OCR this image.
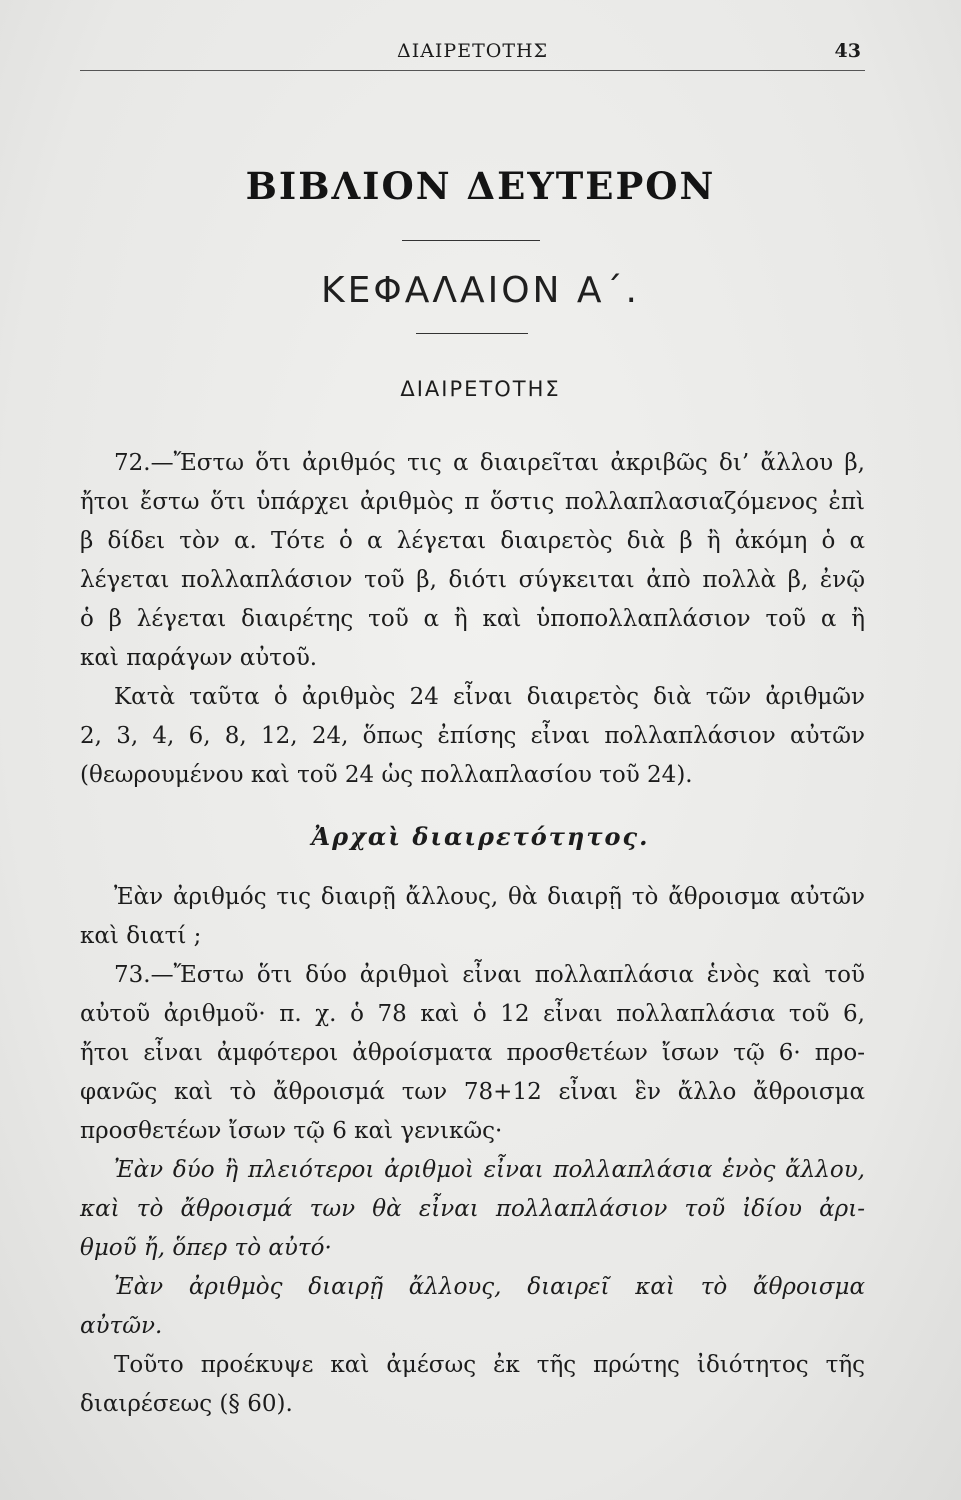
ΔΙΑΙΡΕΤΟΤΗΣ	43
ΒΙΒΛΙΟΝ ΔΕΥΤΕΡΟΝ
ΚΕΦΑΛΑΙΟΝ Α΄.
ΔΙΑΙΡΕΤΟΤΗΣ
72.—Ἔστω ὅτι ἀριθμός τις α διαιρεῖται ἀκριβῶς δι’ ἄλλου β,
ἤτοι ἔστω ὅτι ὑπάρχει ἀριθμὸς π ὅστις πολλαπλασιαζόμενος ἐπὶ
β δίδει τὸν α. Τότε ὁ α λέγεται διαιρετὸς διὰ β ἢ ἀκόμη ὁ α
λέγεται πολλαπλάσιον τοῦ β, διότι σύγκειται ἀπὸ πολλὰ β, ἐνῷ
ὁ β λέγεται διαιρέτης τοῦ α ἢ καὶ ὑποπολλαπλάσιον τοῦ α ἢ
καὶ παράγων αὐτοῦ.
Κατὰ ταῦτα ὁ ἀριθμὸς 24 εἶναι διαιρετὸς διὰ τῶν ἀριθμῶν
2, 3, 4, 6, 8, 12, 24, ὅπως ἐπίσης εἶναι πολλαπλάσιον αὐτῶν
(θεωρουμένου καὶ τοῦ 24 ὡς πολλαπλασίου τοῦ 24).
Ἀρχαὶ διαιρετότητος.
Ἐὰν ἀριθμός τις διαιρῇ ἄλλους, θὰ διαιρῇ τὸ ἄθροισμα αὐτῶν
καὶ διατί ;
73.—Ἔστω ὅτι δύο ἀριθμοὶ εἶναι πολλαπλάσια ἑνὸς καὶ τοῦ
αὐτοῦ ἀριθμοῦ· π. χ. ὁ 78 καὶ ὁ 12 εἶναι πολλαπλάσια τοῦ 6,
ἤτοι εἶναι ἀμφότεροι ἀθροίσματα προσθετέων ἴσων τῷ 6· προ-
φανῶς καὶ τὸ ἄθροισμά των 78+12 εἶναι ἓν ἄλλο ἄθροισμα
προσθετέων ἴσων τῷ 6 καὶ γενικῶς·
Ἐὰν δύο ἢ πλειότεροι ἀριθμοὶ εἶναι πολλαπλάσια ἑνὸς ἄλλου,
καὶ τὸ ἄθροισμά των θὰ εἶναι πολλαπλάσιον τοῦ ἰδίου ἀρι-
θμοῦ ἤ, ὅπερ τὸ αὐτό·
Ἐὰν ἀριθμὸς διαιρῇ ἄλλους, διαιρεῖ καὶ τὸ ἄθροισμα
αὐτῶν.
Τοῦτο προέκυψε καὶ ἀμέσως ἐκ τῆς πρώτης ἰδιότητος τῆς
διαιρέσεως (§ 60).
